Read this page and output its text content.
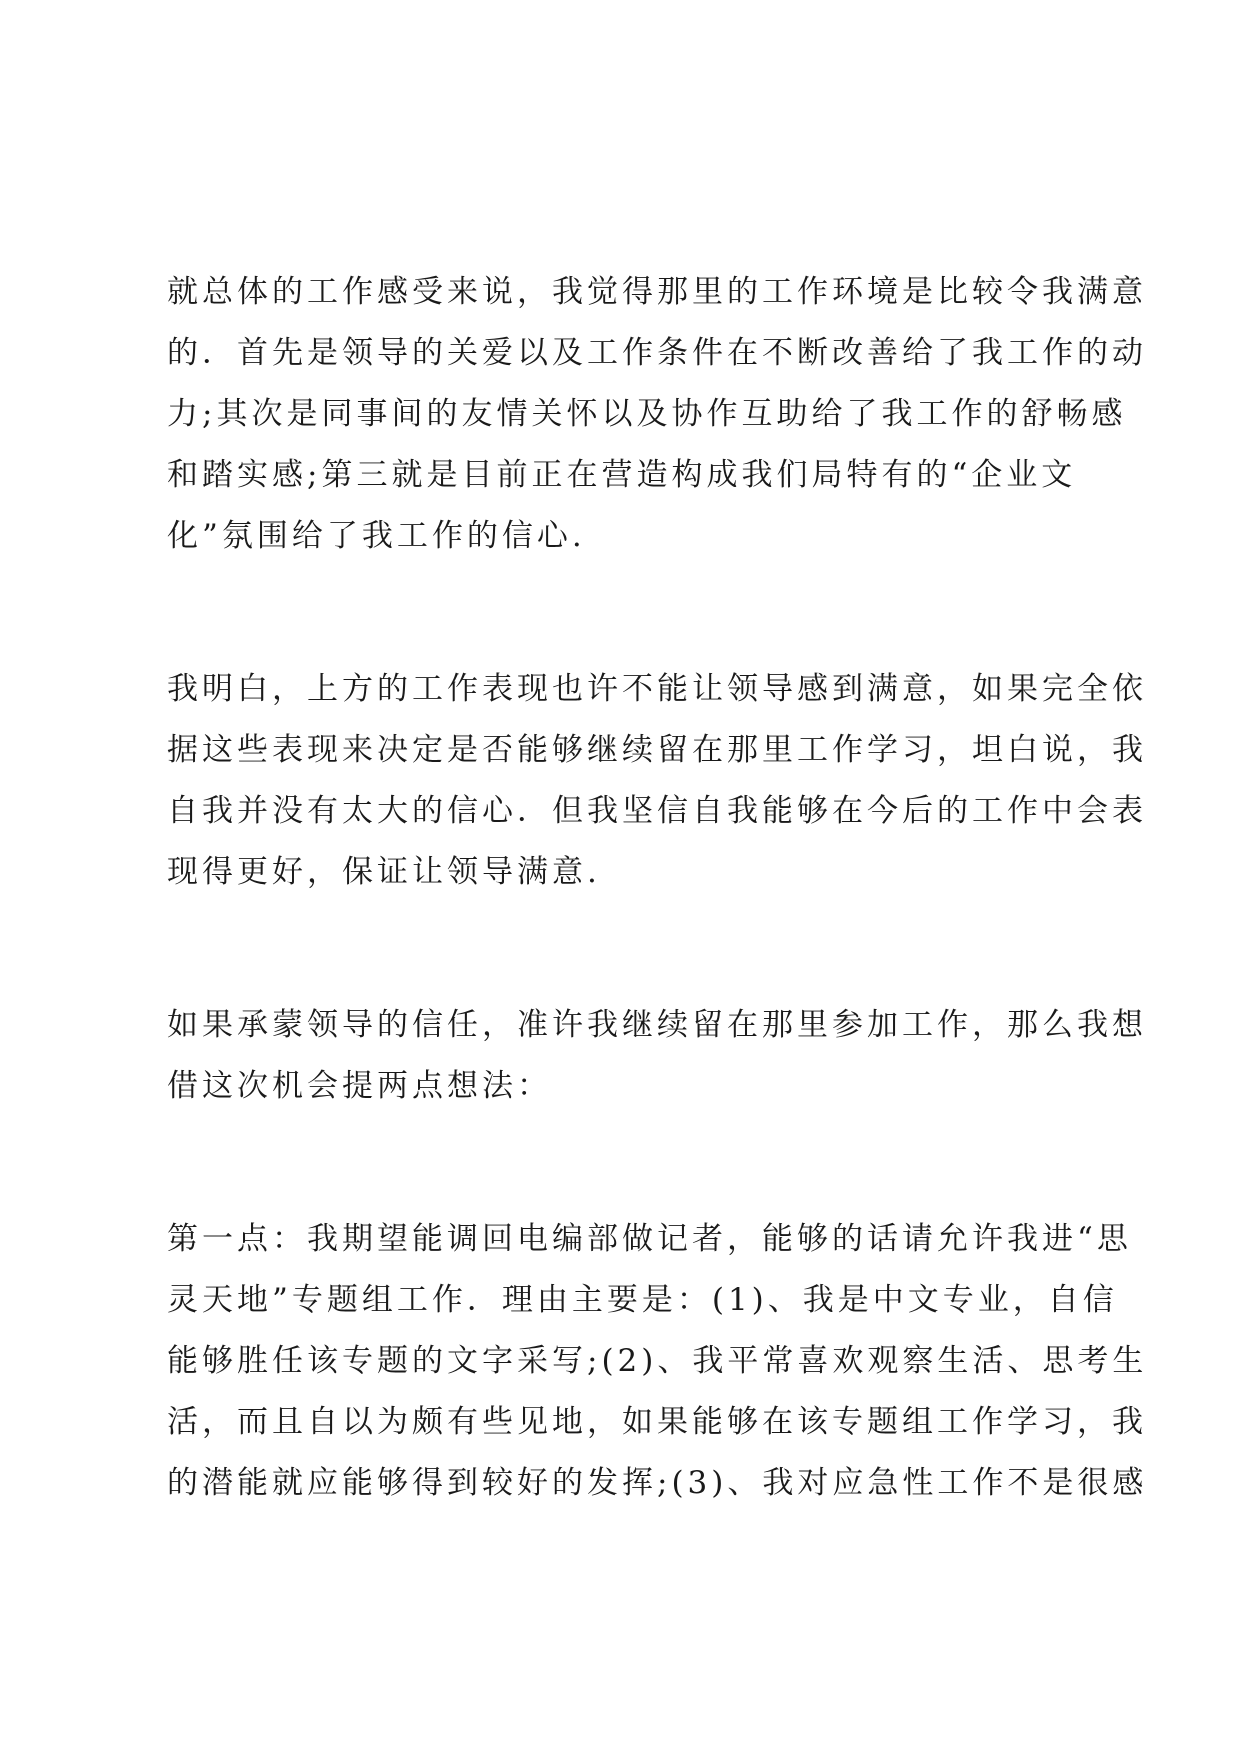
就总体的工作感受来说，我觉得那里的工作环境是比较令我满意
的．首先是领导的关爱以及工作条件在不断改善给了我工作的动
力;其次是同事间的友情关怀以及协作互助给了我工作的舒畅感
和踏实感;第三就是目前正在营造构成我们局特有的“企业文
化”氛围给了我工作的信心.

我明白，上方的工作表现也许不能让领导感到满意，如果完全依
据这些表现来决定是否能够继续留在那里工作学习，坦白说，我
自我并没有太大的信心．但我坚信自我能够在今后的工作中会表
现得更好，保证让领导满意.

如果承蒙领导的信任，准许我继续留在那里参加工作，那么我想
借这次机会提两点想法：

第一点：我期望能调回电编部做记者，能够的话请允许我进“思
灵天地”专题组工作．理由主要是：(1)、我是中文专业，自信
能够胜任该专题的文字采写;(2)、我平常喜欢观察生活、思考生
活，而且自以为颇有些见地，如果能够在该专题组工作学习，我
的潜能就应能够得到较好的发挥;(3)、我对应急性工作不是很感
